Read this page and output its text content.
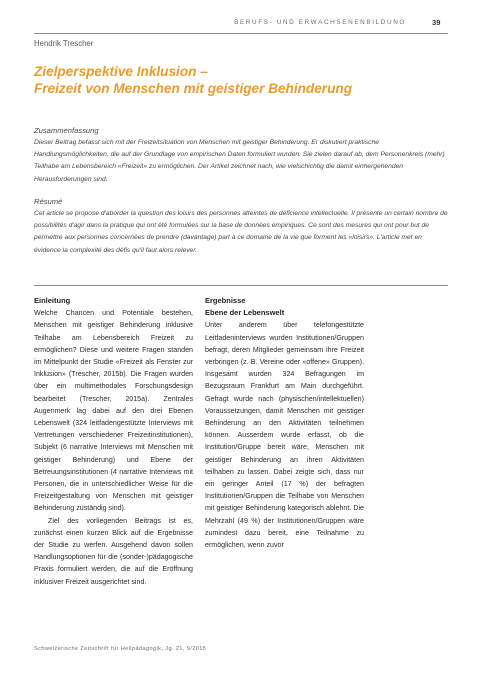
BERUFS- UND ERWACHSENENBILDUNG	39
Hendrik Trescher
Zielperspektive Inklusion –
Freizeit von Menschen mit geistiger Behinderung
Zusammenfassung
Dieser Beitrag befasst sich mit der Freizeitsituation von Menschen mit geistiger Behinderung. Er diskutiert praktische Handlungsmöglichkeiten, die auf der Grundlage von empirischen Daten formuliert wurden. Sie zielen darauf ab, dem Personenkreis (mehr) Teilhabe am Lebensbereich «Freizeit» zu ermöglichen. Der Artikel zeichnet nach, wie vielschichtig die damit einhergehenden Herausforderungen sind.
Résumé
Cet article se propose d'aborder la question des loisirs des personnes atteintes de déficience intellectuelle. Il présente un certain nombre de possibilités d'agir dans la pratique qui ont été formulées sur la base de données empiriques. Ce sont des mesures qui ont pour but de permettre aux personnes concernées de prendre (davantage) part à ce domaine de la vie que forment les «loisirs». L'article met en évidence la complexité des défis qu'il faut alors relever.

Einleitung

Welche Chancen und Potentiale bestehen, Menschen mit geistiger Behinderung inklusive Teilhabe am Lebensbereich Freizeit zu ermöglichen? Diese und weitere Fragen standen im Mittelpunkt der Studie «Freizeit als Fenster zur Inklusion» (Trescher, 2015b). Die Fragen wurden über ein multimethodales Forschungsdesign bearbeitet (Trescher, 2015a). Zentrales Augenmerk lag dabei auf den drei Ebenen Lebenswelt (324 leitfadengestützte Interviews mit Vertretungen verschiedener Freizeitinstitutionen), Subjekt (6 narrative Interviews mit Menschen mit geistiger Behinderung) und Ebene der Betreuungsinstitutionen (4 narrative Interviews mit Personen, die in unterschiedlicher Weise für die Freizeitgestaltung von Menschen mit geistiger Behinderung zuständig sind).

Ziel des vorliegenden Beitrags ist es, zunächst einen kurzen Blick auf die Ergebnisse der Studie zu werfen. Ausgehend davon sollen Handlungsoptionen für die (sonder-)pädagogische Praxis formuliert werden, die auf die Eröffnung inklusiver Freizeit ausgerichtet sind.

Ergebnisse

Ebene der Lebenswelt

Unter anderem über telefongestützte Leitfadeninterviews wurden Institutionen/Gruppen befragt, deren Mitglieder gemeinsam ihre Freizeit verbringen (z. B. Vereine oder «offene» Gruppen). Insgesamt wurden 324 Befragungen im Bezugsraum Frankfurt am Main durchgeführt. Gefragt wurde nach (physischen/intellektuellen) Voraussetzungen, damit Menschen mit geistiger Behinderung an den Aktivitäten teilnehmen können. Ausserdem wurde erfasst, ob die Institution/Gruppe bereit wäre, Menschen mit geistiger Behinderung an ihren Aktivitäten teilhaben zu lassen. Dabei zeigte sich, dass nur ein geringer Anteil (17 %) der befragten Institutionen/Gruppen die Teilhabe von Menschen mit geistiger Behinderung kategorisch ablehnt. Die Mehrzahl (49 %) der Institutionen/Gruppen wäre zumindest dazu bereit, eine Teilnahme zu ermöglichen, wenn zuvor

Schweizerische Zeitschrift für Heilpädagogik, Jg. 21, 9/2015
